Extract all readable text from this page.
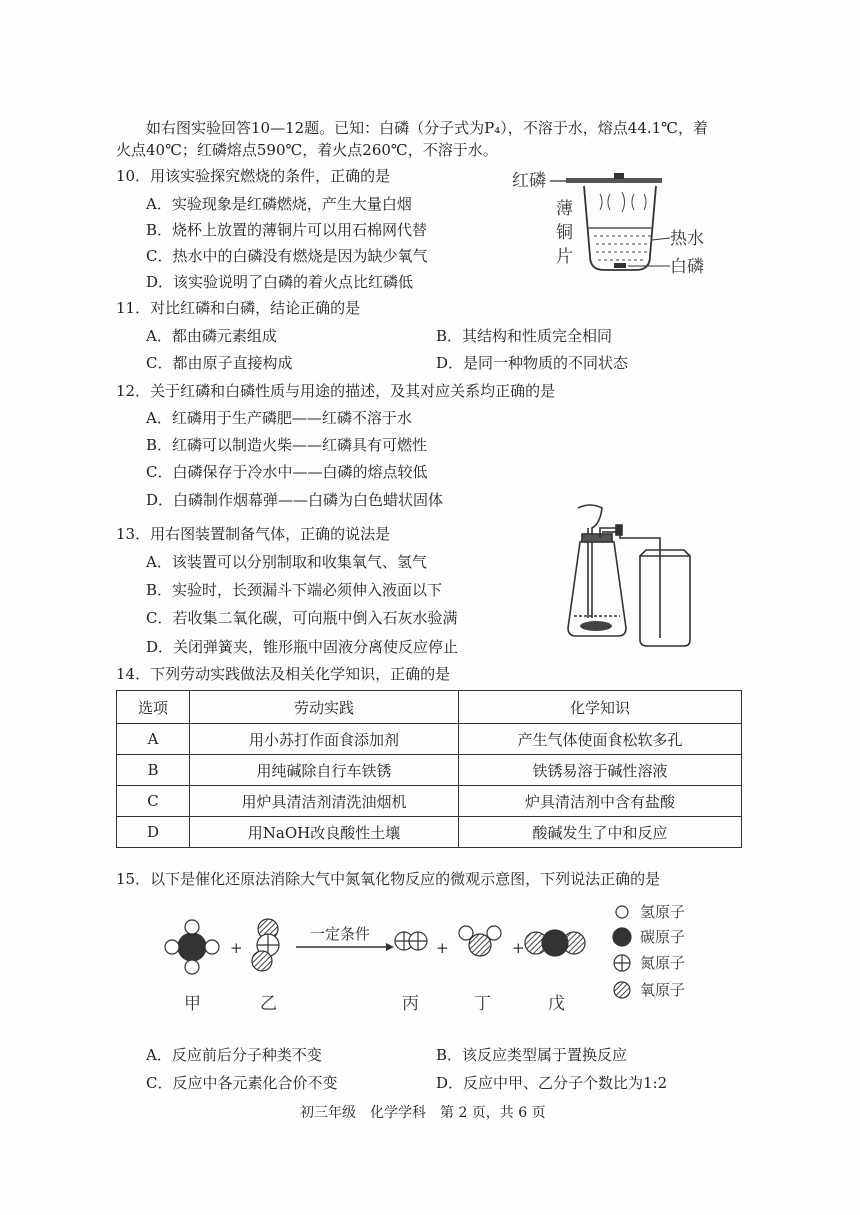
如右图实验回答10—12题。已知：白磷（分子式为P₄），不溶于水，熔点44.1℃，着
火点40℃；红磷熔点590℃，着火点260℃，不溶于水。
10．用该实验探究燃烧的条件，正确的是
A．实验现象是红磷燃烧，产生大量白烟
B．烧杯上放置的薄铜片可以用石棉网代替
C．热水中的白磷没有燃烧是因为缺少氧气
D．该实验说明了白磷的着火点比红磷低
红磷
薄
铜
片
热水
白磷
11．对比红磷和白磷，结论正确的是
A．都由磷元素组成	B．其结构和性质完全相同
C．都由原子直接构成	D．是同一种物质的不同状态
12．关于红磷和白磷性质与用途的描述，及其对应关系均正确的是
A．红磷用于生产磷肥——红磷不溶于水
B．红磷可以制造火柴——红磷具有可燃性
C．白磷保存于冷水中——白磷的熔点较低
D．白磷制作烟幕弹——白磷为白色蜡状固体
13．用右图装置制备气体，正确的说法是
A．该装置可以分别制取和收集氧气、氢气
B．实验时，长颈漏斗下端必须伸入液面以下
C．若收集二氧化碳，可向瓶中倒入石灰水验满
D．关闭弹簧夹，锥形瓶中固液分离使反应停止
14．下列劳动实践做法及相关化学知识，正确的是
选项	劳动实践	化学知识
A	用小苏打作面食添加剂	产生气体使面食松软多孔
B	用纯碱除自行车铁锈	铁锈易溶于碱性溶液
C	用炉具清洁剂清洗油烟机	炉具清洁剂中含有盐酸
D	用NaOH改良酸性土壤	酸碱发生了中和反应
15．以下是催化还原法消除大气中氮氧化物反应的微观示意图，下列说法正确的是
+
一定条件
+	+
甲	乙	丙	丁	戊
氢原子
碳原子
氮原子
氧原子
A．反应前后分子种类不变	B．该反应类型属于置换反应
C．反应中各元素化合价不变	D．反应中甲、乙分子个数比为1:2
初三年级　化学学科　第 2 页，共 6 页
